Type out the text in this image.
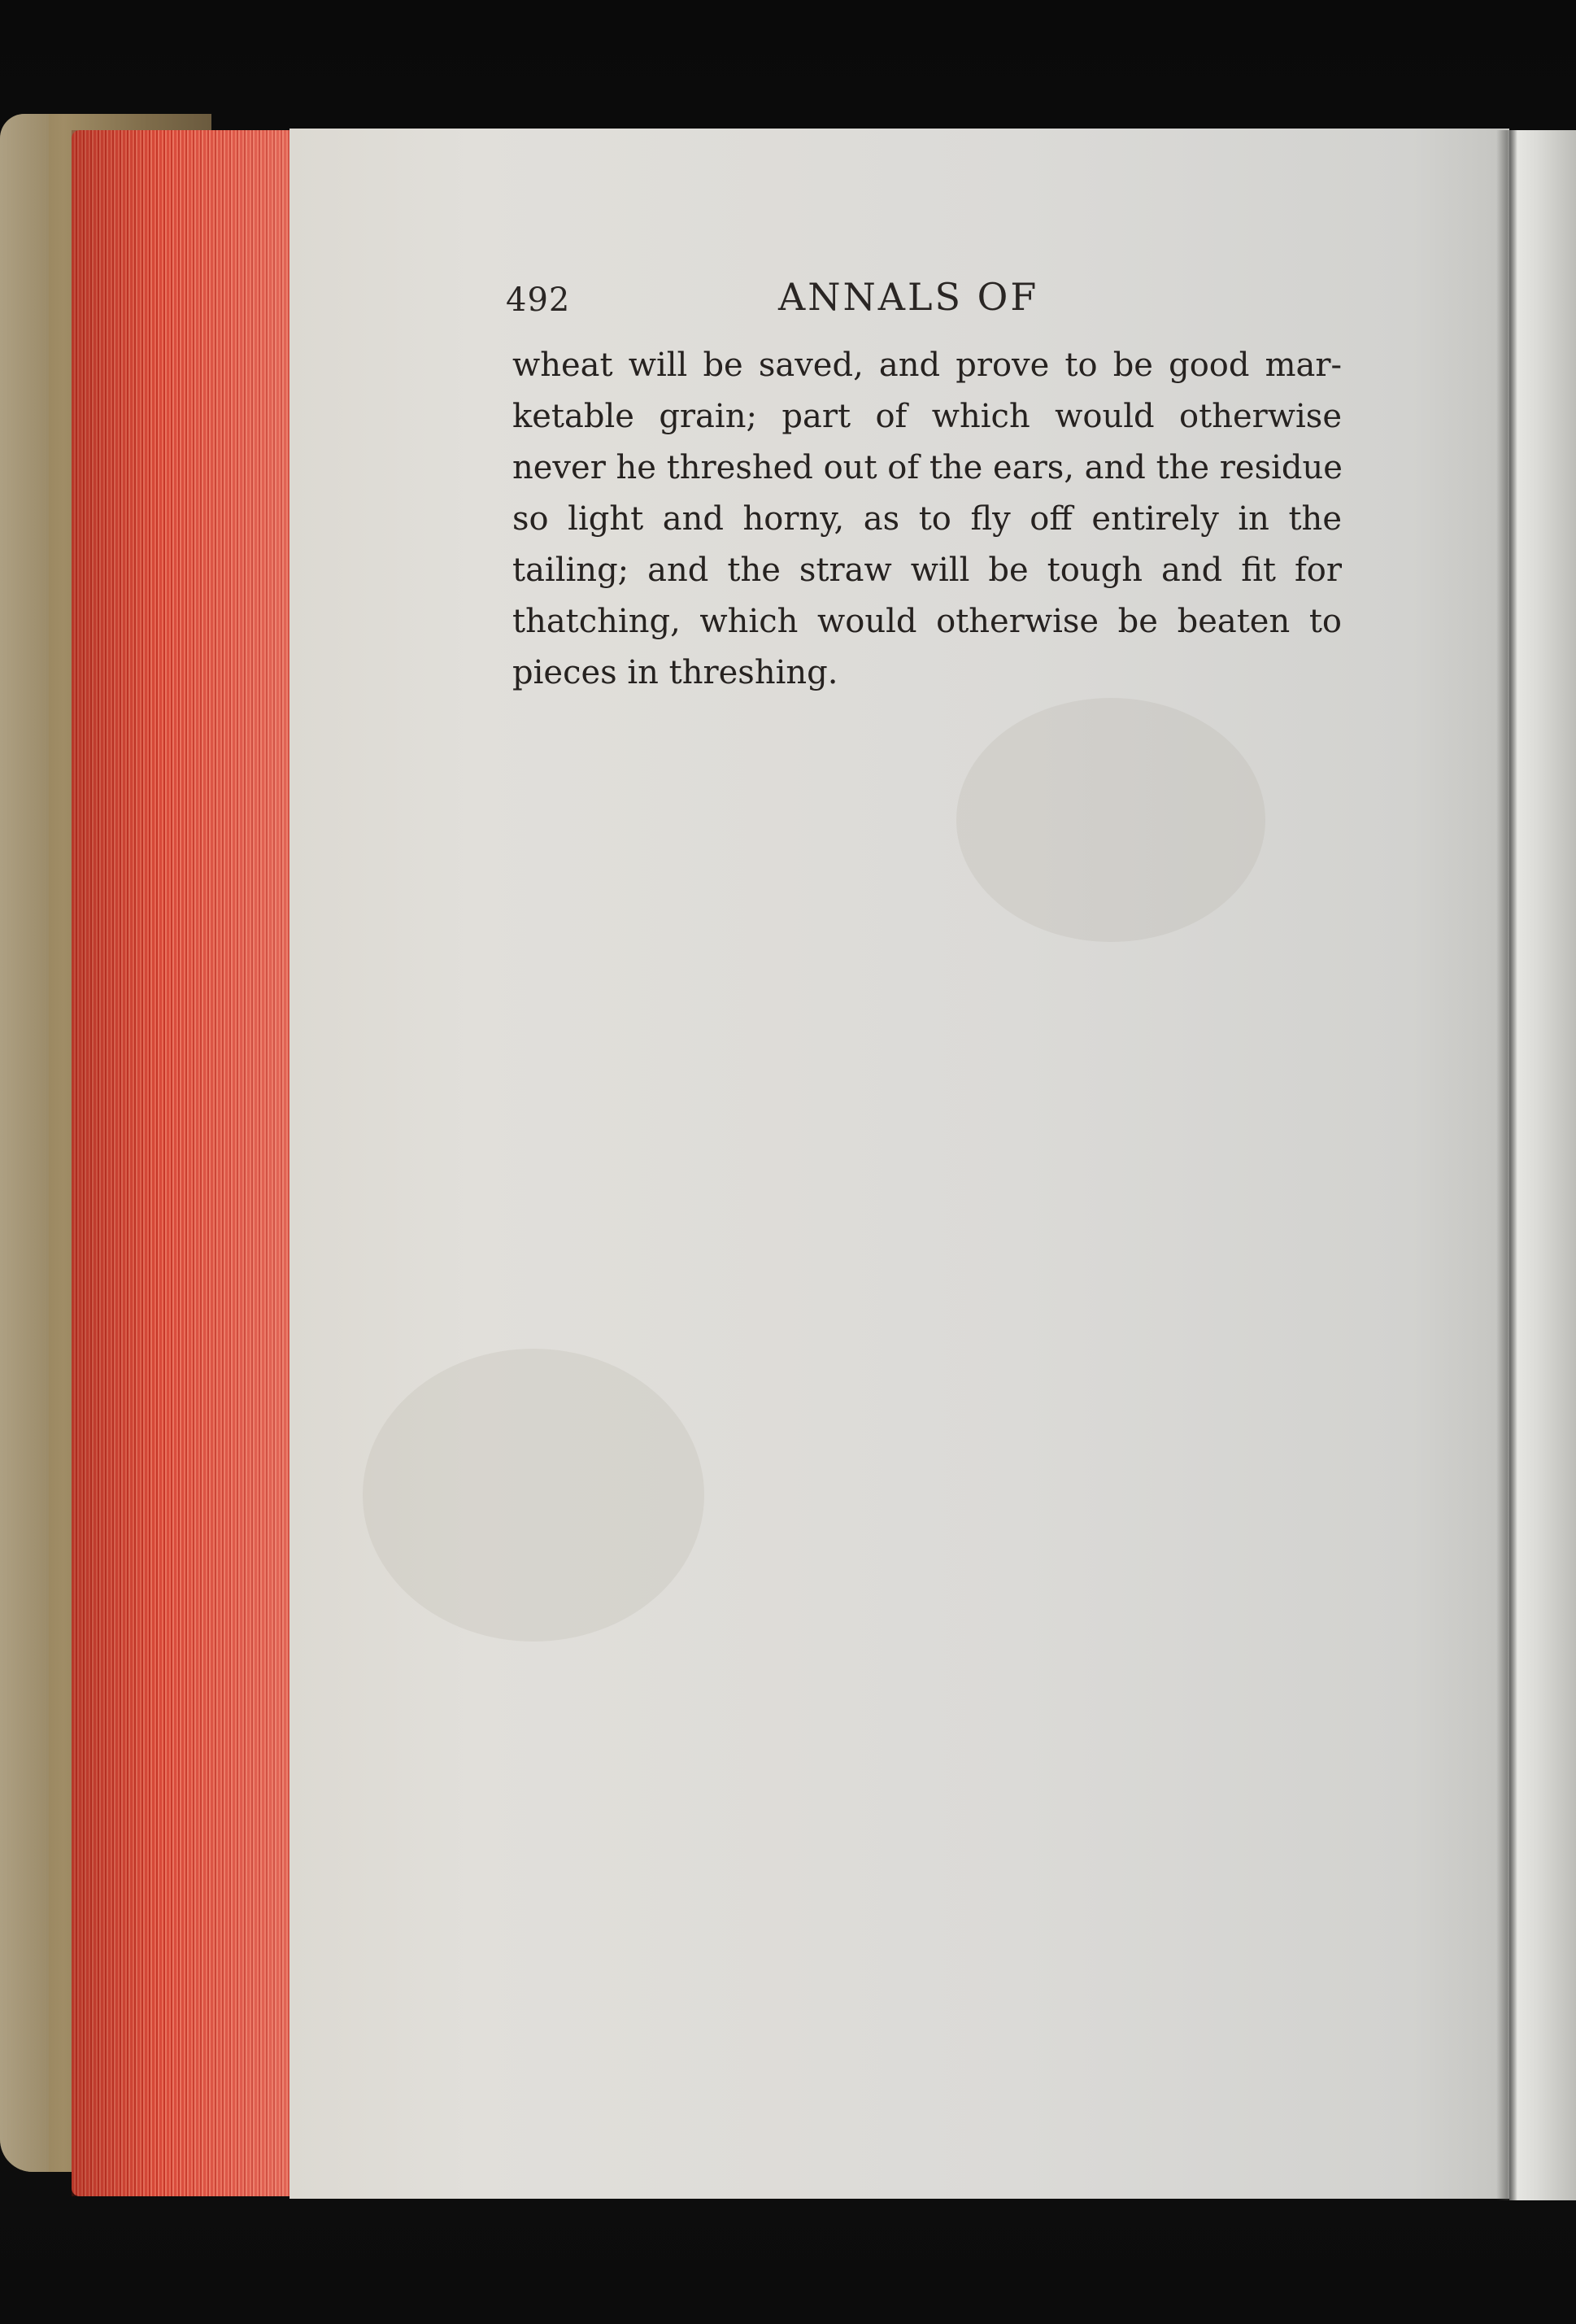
492	ANNALS OF
wheat will be saved, and prove to be good mar-
ketable grain; part of which would otherwise
never he threshed out of the ears, and the residue
so light and horny, as to fly off entirely in the
tailing; and the straw will be tough and fit for
thatching, which would otherwise be beaten to
pieces in threshing.
